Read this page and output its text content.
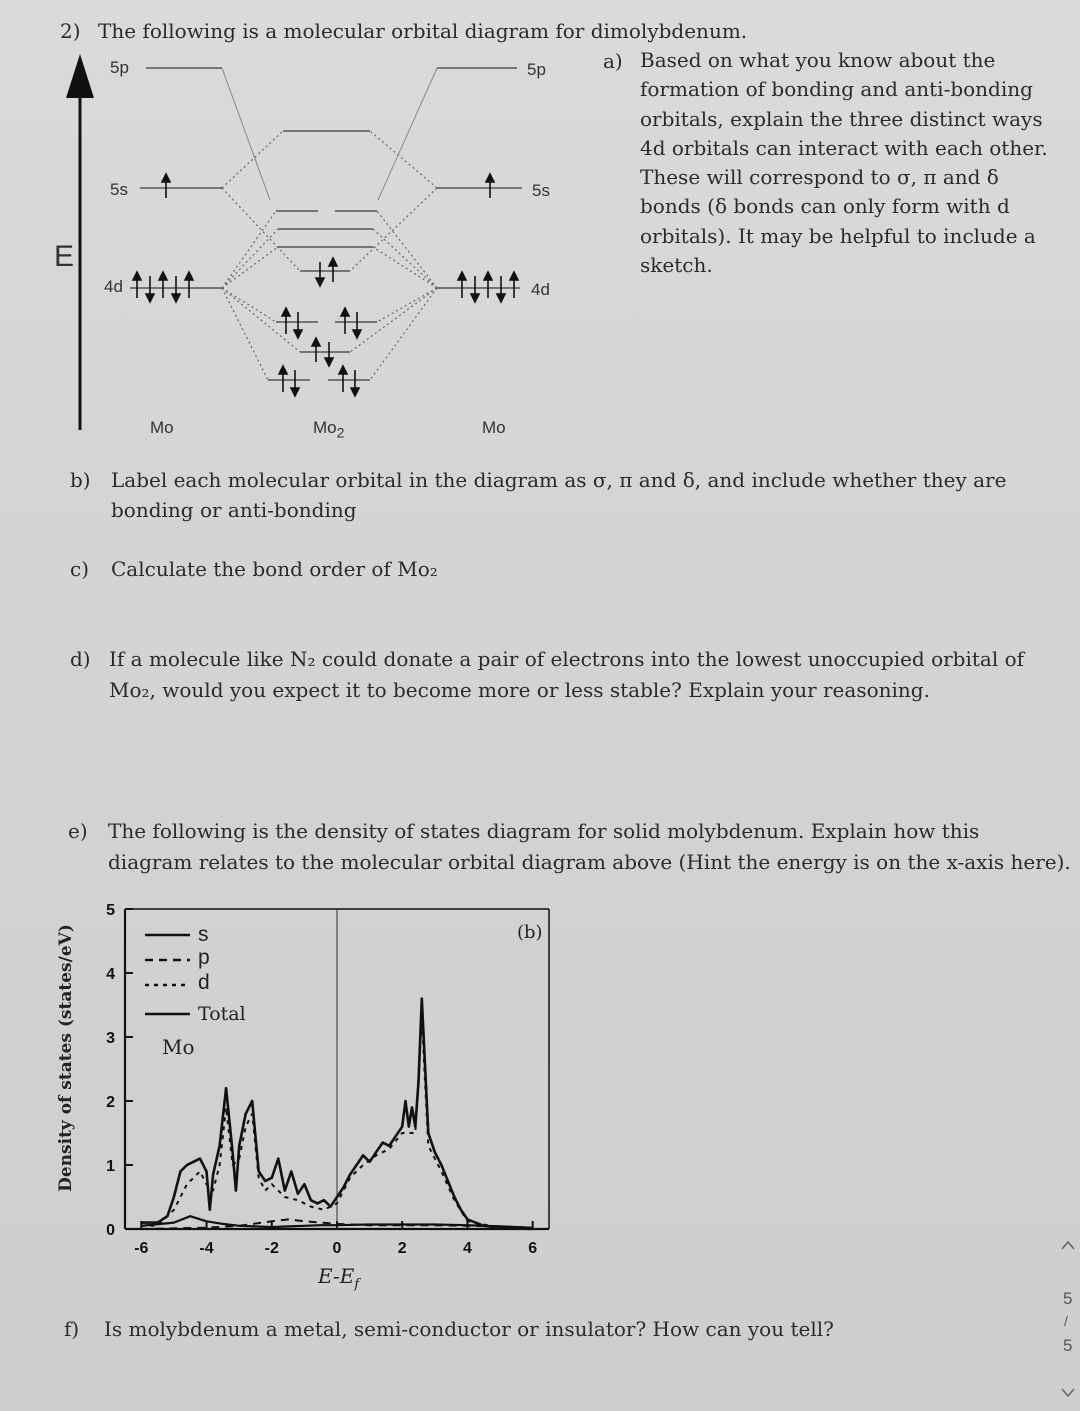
2) The following is a molecular orbital diagram for dimolybdenum.
a) Based on what you know about the
formation of bonding and anti-bonding
orbitals, explain the three distinct ways
4d orbitals can interact with each other.
These will correspond to σ, π and δ
bonds (δ bonds can only form with d
orbitals). It may be helpful to include a
sketch.
E
5p
5s
4d
5p
5s
4d
Mo	$Mo_2$	Mo
b) Label each molecular orbital in the diagram as σ, π and δ, and include whether they are
bonding or anti-bonding
c) Calculate the bond order of Mo₂
d) If a molecule like N₂ could donate a pair of electrons into the lowest unoccupied orbital of
Mo₂, would you expect it to become more or less stable? Explain your reasoning.
e) The following is the density of states diagram for solid molybdenum. Explain how this
diagram relates to the molecular orbital diagram above (Hint the energy is on the x-axis here).
Density of states (states/eV)
-6	-4	-2	0	2	4	6
0
1
2
3
4
5
s
p
d
Total
Mo
(b)
$E-E_f$
f) Is molybdenum a metal, semi-conductor or insulator? How can you tell?
5
/
5
